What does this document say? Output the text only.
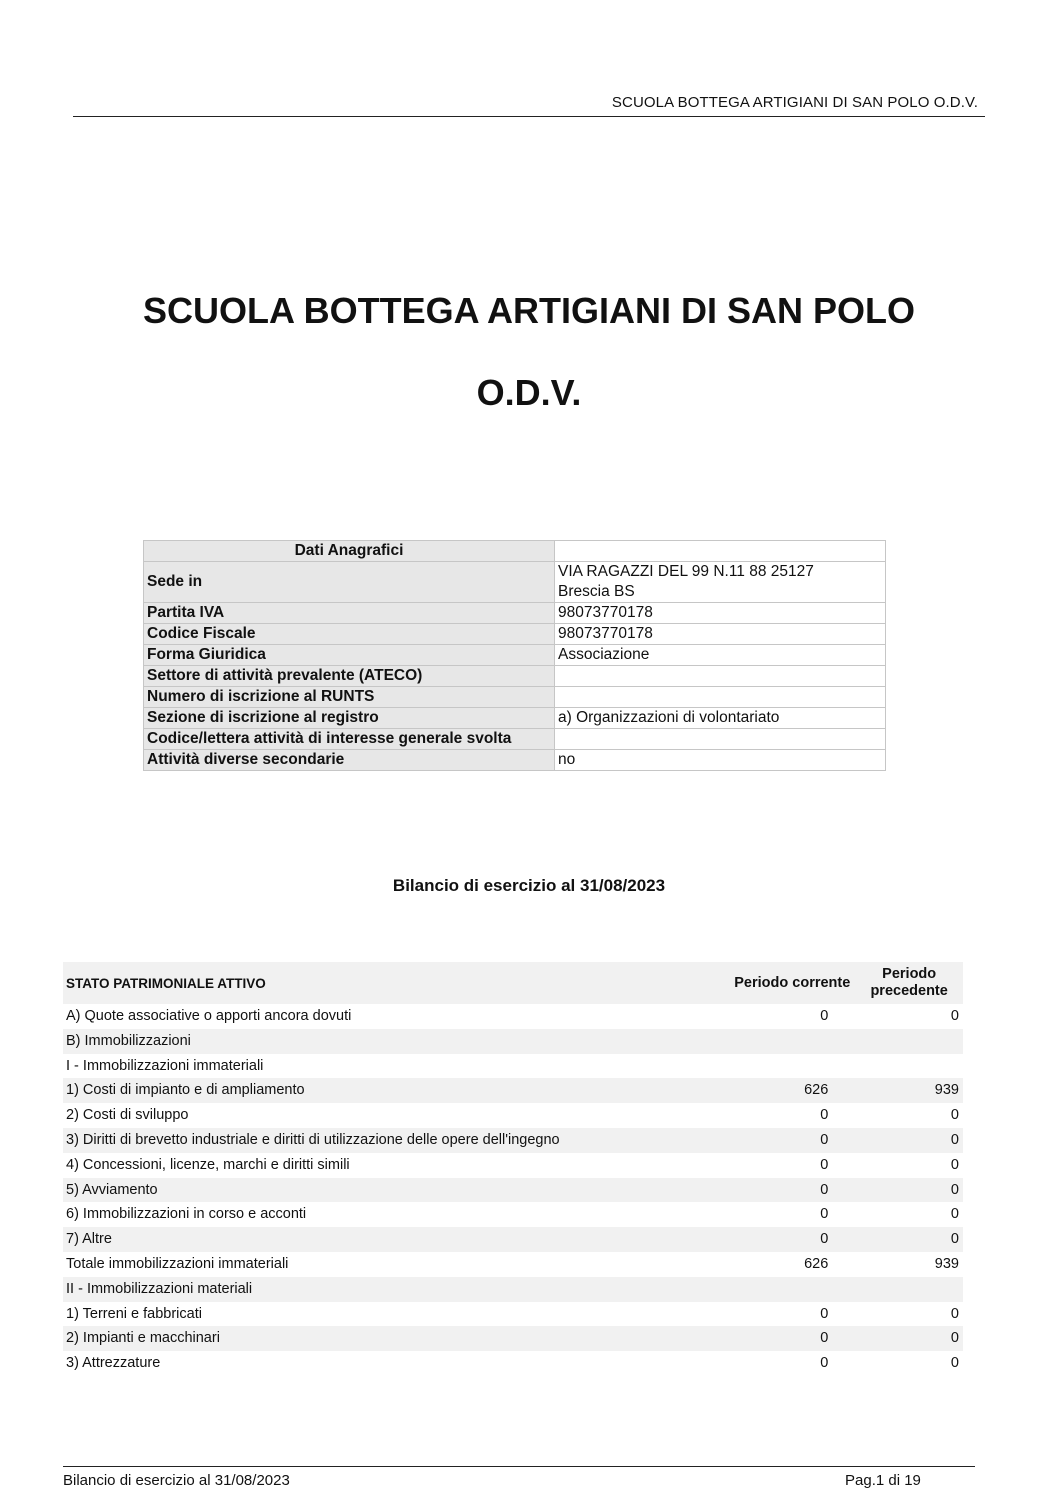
SCUOLA BOTTEGA ARTIGIANI DI SAN POLO O.D.V.
SCUOLA BOTTEGA ARTIGIANI DI SAN POLO
O.D.V.
Dati Anagrafici	
Sede in	VIA RAGAZZI DEL 99 N.11 88 25127
Brescia BS

Partita IVA	98073770178
Codice Fiscale	98073770178
Forma Giuridica	Associazione
Settore di attività prevalente (ATECO)	
Numero di iscrizione al RUNTS	
Sezione di iscrizione al registro	a) Organizzazioni di volontariato
Codice/lettera attività di interesse generale svolta	
Attività diverse secondarie	no
Bilancio di esercizio al 31/08/2023
STATO PATRIMONIALE ATTIVO	Periodo corrente	Periodo
precedente

A) Quote associative o apporti ancora dovuti	0	0
B) Immobilizzazioni		
I - Immobilizzazioni immateriali		
1) Costi di impianto e di ampliamento	626	939
2) Costi di sviluppo	0	0
3) Diritti di brevetto industriale e diritti di utilizzazione delle opere dell'ingegno	0	0
4) Concessioni, licenze, marchi e diritti simili	0	0
5) Avviamento	0	0
6) Immobilizzazioni in corso e acconti	0	0
7) Altre	0	0
Totale immobilizzazioni immateriali	626	939
II - Immobilizzazioni materiali		
1) Terreni e fabbricati	0	0
2) Impianti e macchinari	0	0
3) Attrezzature	0	0
Bilancio di esercizio al 31/08/2023	Pag.1 di 19
